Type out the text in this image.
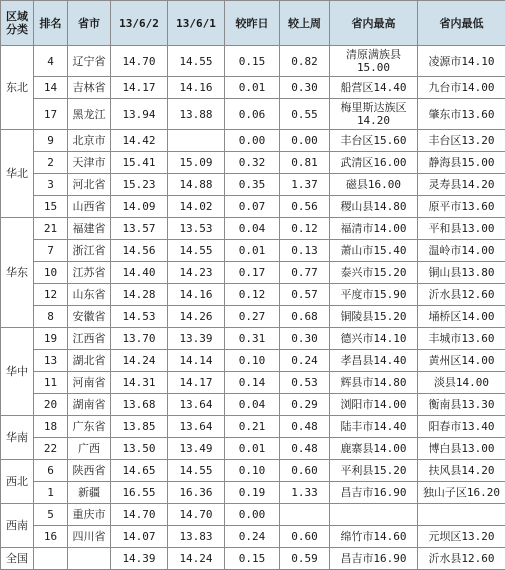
区域分类	排名	省市	13/6/2	13/6/1	较昨日	较上周	省内最高	省内最低
东北	4	辽宁省	14.70	14.55	0.15	0.82	清原满族县15.00	凌源市14.10
	14	吉林省	14.17	14.16	0.01	0.30	船营区14.40	九台市14.00
	17	黑龙江	13.94	13.88	0.06	0.55	梅里斯达族区14.20	肇东市13.60
华北	9	北京市	14.42		0.00	0.00	丰台区15.60	丰台区13.20
	2	天津市	15.41	15.09	0.32	0.81	武清区16.00	静海县15.00
	3	河北省	15.23	14.88	0.35	1.37	磁县16.00	灵寿县14.20
	15	山西省	14.09	14.02	0.07	0.56	稷山县14.80	原平市13.60
华东	21	福建省	13.57	13.53	0.04	0.12	福清市14.00	平和县13.00
	7	浙江省	14.56	14.55	0.01	0.13	萧山市15.40	温岭市14.00
	10	江苏省	14.40	14.23	0.17	0.77	泰兴市15.20	铜山县13.80
	12	山东省	14.28	14.16	0.12	0.57	平度市15.90	沂水县12.60
	8	安徽省	14.53	14.26	0.27	0.68	铜陵县15.20	埇桥区14.00
华中	19	江西省	13.70	13.39	0.31	0.30	德兴市14.10	丰城市13.60
	13	湖北省	14.24	14.14	0.10	0.24	孝昌县14.40	黄州区14.00
	11	河南省	14.31	14.17	0.14	0.53	辉县市14.80	淡县14.00
	20	湖南省	13.68	13.64	0.04	0.29	浏阳市14.00	衡南县13.30
华南	18	广东省	13.85	13.64	0.21	0.48	陆丰市14.40	阳春市13.40
	22	广西	13.50	13.49	0.01	0.48	鹿寨县14.00	博白县13.00
西北	6	陕西省	14.65	14.55	0.10	0.60	平利县15.20	扶风县14.20
	1	新疆	16.55	16.36	0.19	1.33	昌吉市16.90	独山子区16.20
西南	5	重庆市	14.70	14.70	0.00			
	16	四川省	14.07	13.83	0.24	0.60	绵竹市14.60	元坝区13.20
全国			14.39	14.24	0.15	0.59	昌吉市16.90	沂水县12.60
